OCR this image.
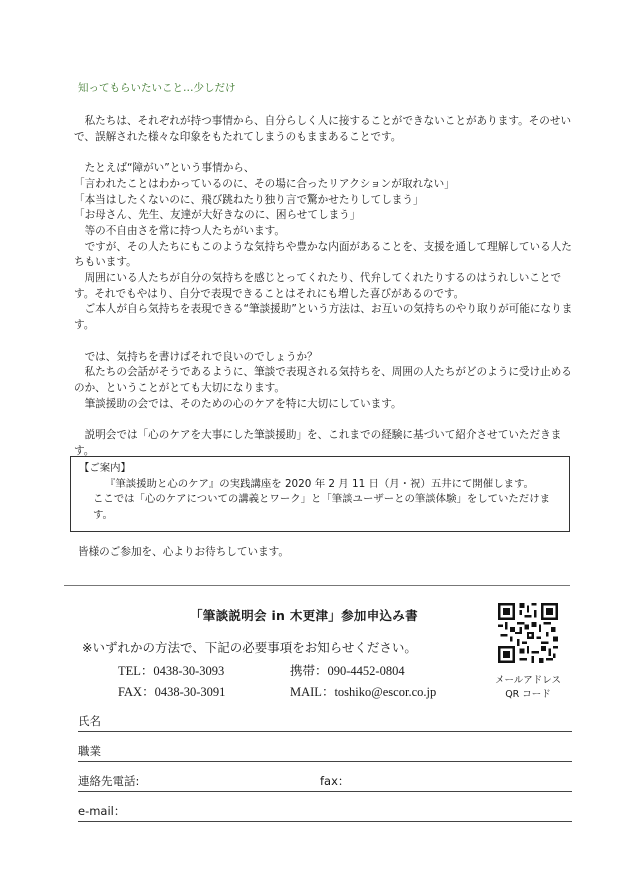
知ってもらいたいこと…少しだけ

　私たちは、それぞれが持つ事情から、自分らしく人に接することができないことがあります。そのせいで、誤解された様々な印象をもたれてしまうのもままあることです。

　たとえば“障がい”という事情から、

「言われたことはわかっているのに、その場に合ったリアクションが取れない」

「本当はしたくないのに、飛び跳ねたり独り言で驚かせたりしてしまう」

「お母さん、先生、友達が大好きなのに、困らせてしまう」

　等の不自由さを常に持つ人たちがいます。

　ですが、その人たちにもこのような気持ちや豊かな内面があることを、支援を通して理解している人たちもいます。

　周囲にいる人たちが自分の気持ちを感じとってくれたり、代弁してくれたりするのはうれしいことです。それでもやはり、自分で表現できることはそれにも増した喜びがあるのです。

　ご本人が自ら気持ちを表現できる“筆談援助”という方法は、お互いの気持ちのやり取りが可能になります。

　では、気持ちを書けばそれで良いのでしょうか？

　私たちの会話がそうであるように、筆談で表現される気持ちを、周囲の人たちがどのように受け止めるのか、ということがとても大切になります。

　筆談援助の会では、そのための心のケアを特に大切にしています。

　説明会では「心のケアを大事にした筆談援助」を、これまでの経験に基づいて紹介させていただきます。

【ご案内】

『筆談援助と心のケア』の実践講座を 2020 年 2 月 11 日（月・祝）五井にて開催します。

ここでは「心のケアについての講義とワーク」と「筆談ユーザーとの筆談体験」をしていただけます。

皆様のご参加を、心よりお待ちしています。
「筆談説明会 in 木更津」参加申込み書
※いずれかの方法で、下記の必要事項をお知らせください。
TEL：0438-30-3093
FAX：0438-30-3091
携帯：090-4452-0804
MAIL：toshiko@escor.co.jp
メールアドレス
QR コード
氏名
職業
連絡先電話:	fax：
e-mail：
